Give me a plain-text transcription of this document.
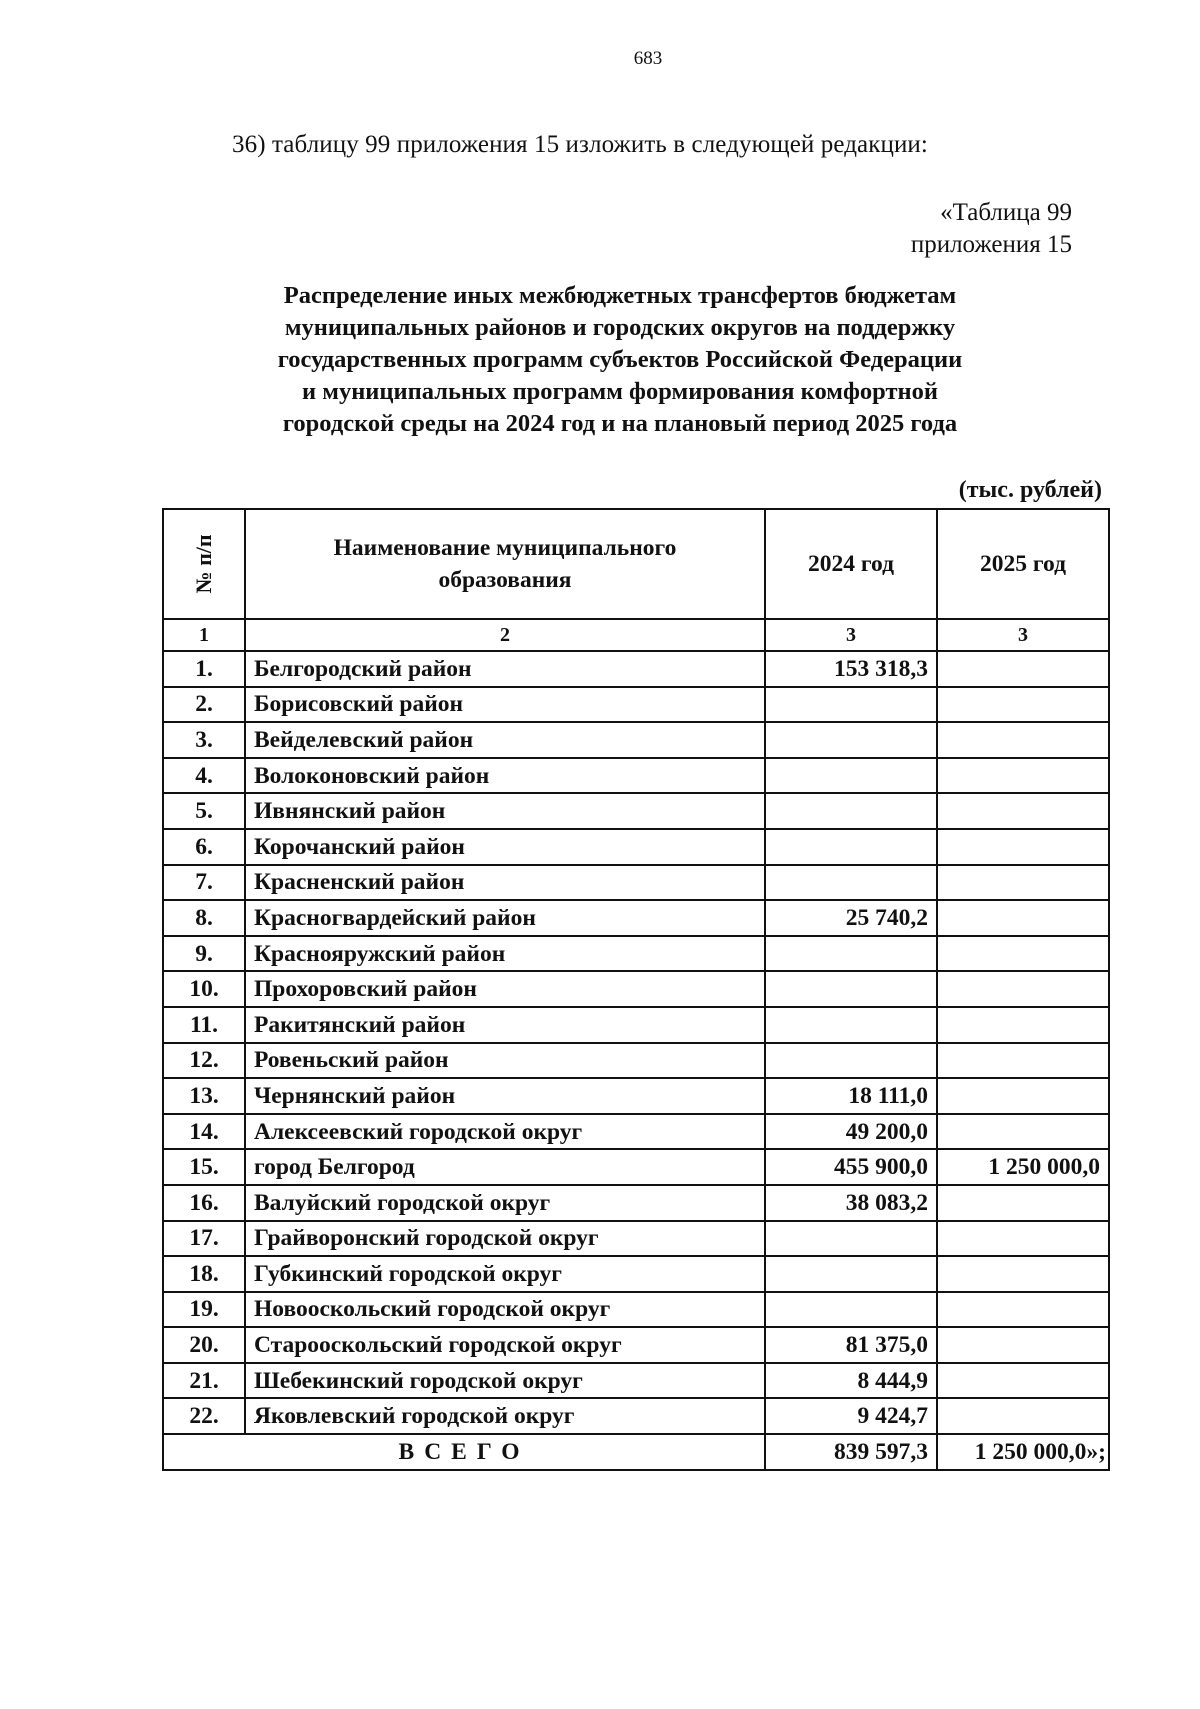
683
36) таблицу 99 приложения 15 изложить в следующей редакции:
«Таблица 99
приложения 15
Распределение иных межбюджетных трансфертов бюджетам
муниципальных районов и городских округов на поддержку
государственных программ субъектов Российской Федерации
и муниципальных программ формирования комфортной
городской среды на 2024 год и на плановый период 2025 года
(тыс. рублей)
№ п/п	Наименование муниципального образования	2024 год	2025 год
1	2	3	3
1.	Белгородский район	153 318,3	
2.	Борисовский район		
3.	Вейделевский район		
4.	Волоконовский район		
5.	Ивнянский район		
6.	Корочанский район		
7.	Красненский район		
8.	Красногвардейский район	25 740,2	
9.	Краснояружский район		
10.	Прохоровский район		
11.	Ракитянский район		
12.	Ровеньский район		
13.	Чернянский район	18 111,0	
14.	Алексеевский городской округ	49 200,0	
15.	город Белгород	455 900,0	1 250 000,0
16.	Валуйский городской округ	38 083,2	
17.	Грайворонский городской округ		
18.	Губкинский городской округ		
19.	Новооскольский городской округ		
20.	Старооскольский городской округ	81 375,0	
21.	Шебекинский городской округ	8 444,9	
22.	Яковлевский городской округ	9 424,7	
ВСЕГО		839 597,3	1 250 000,0»;
